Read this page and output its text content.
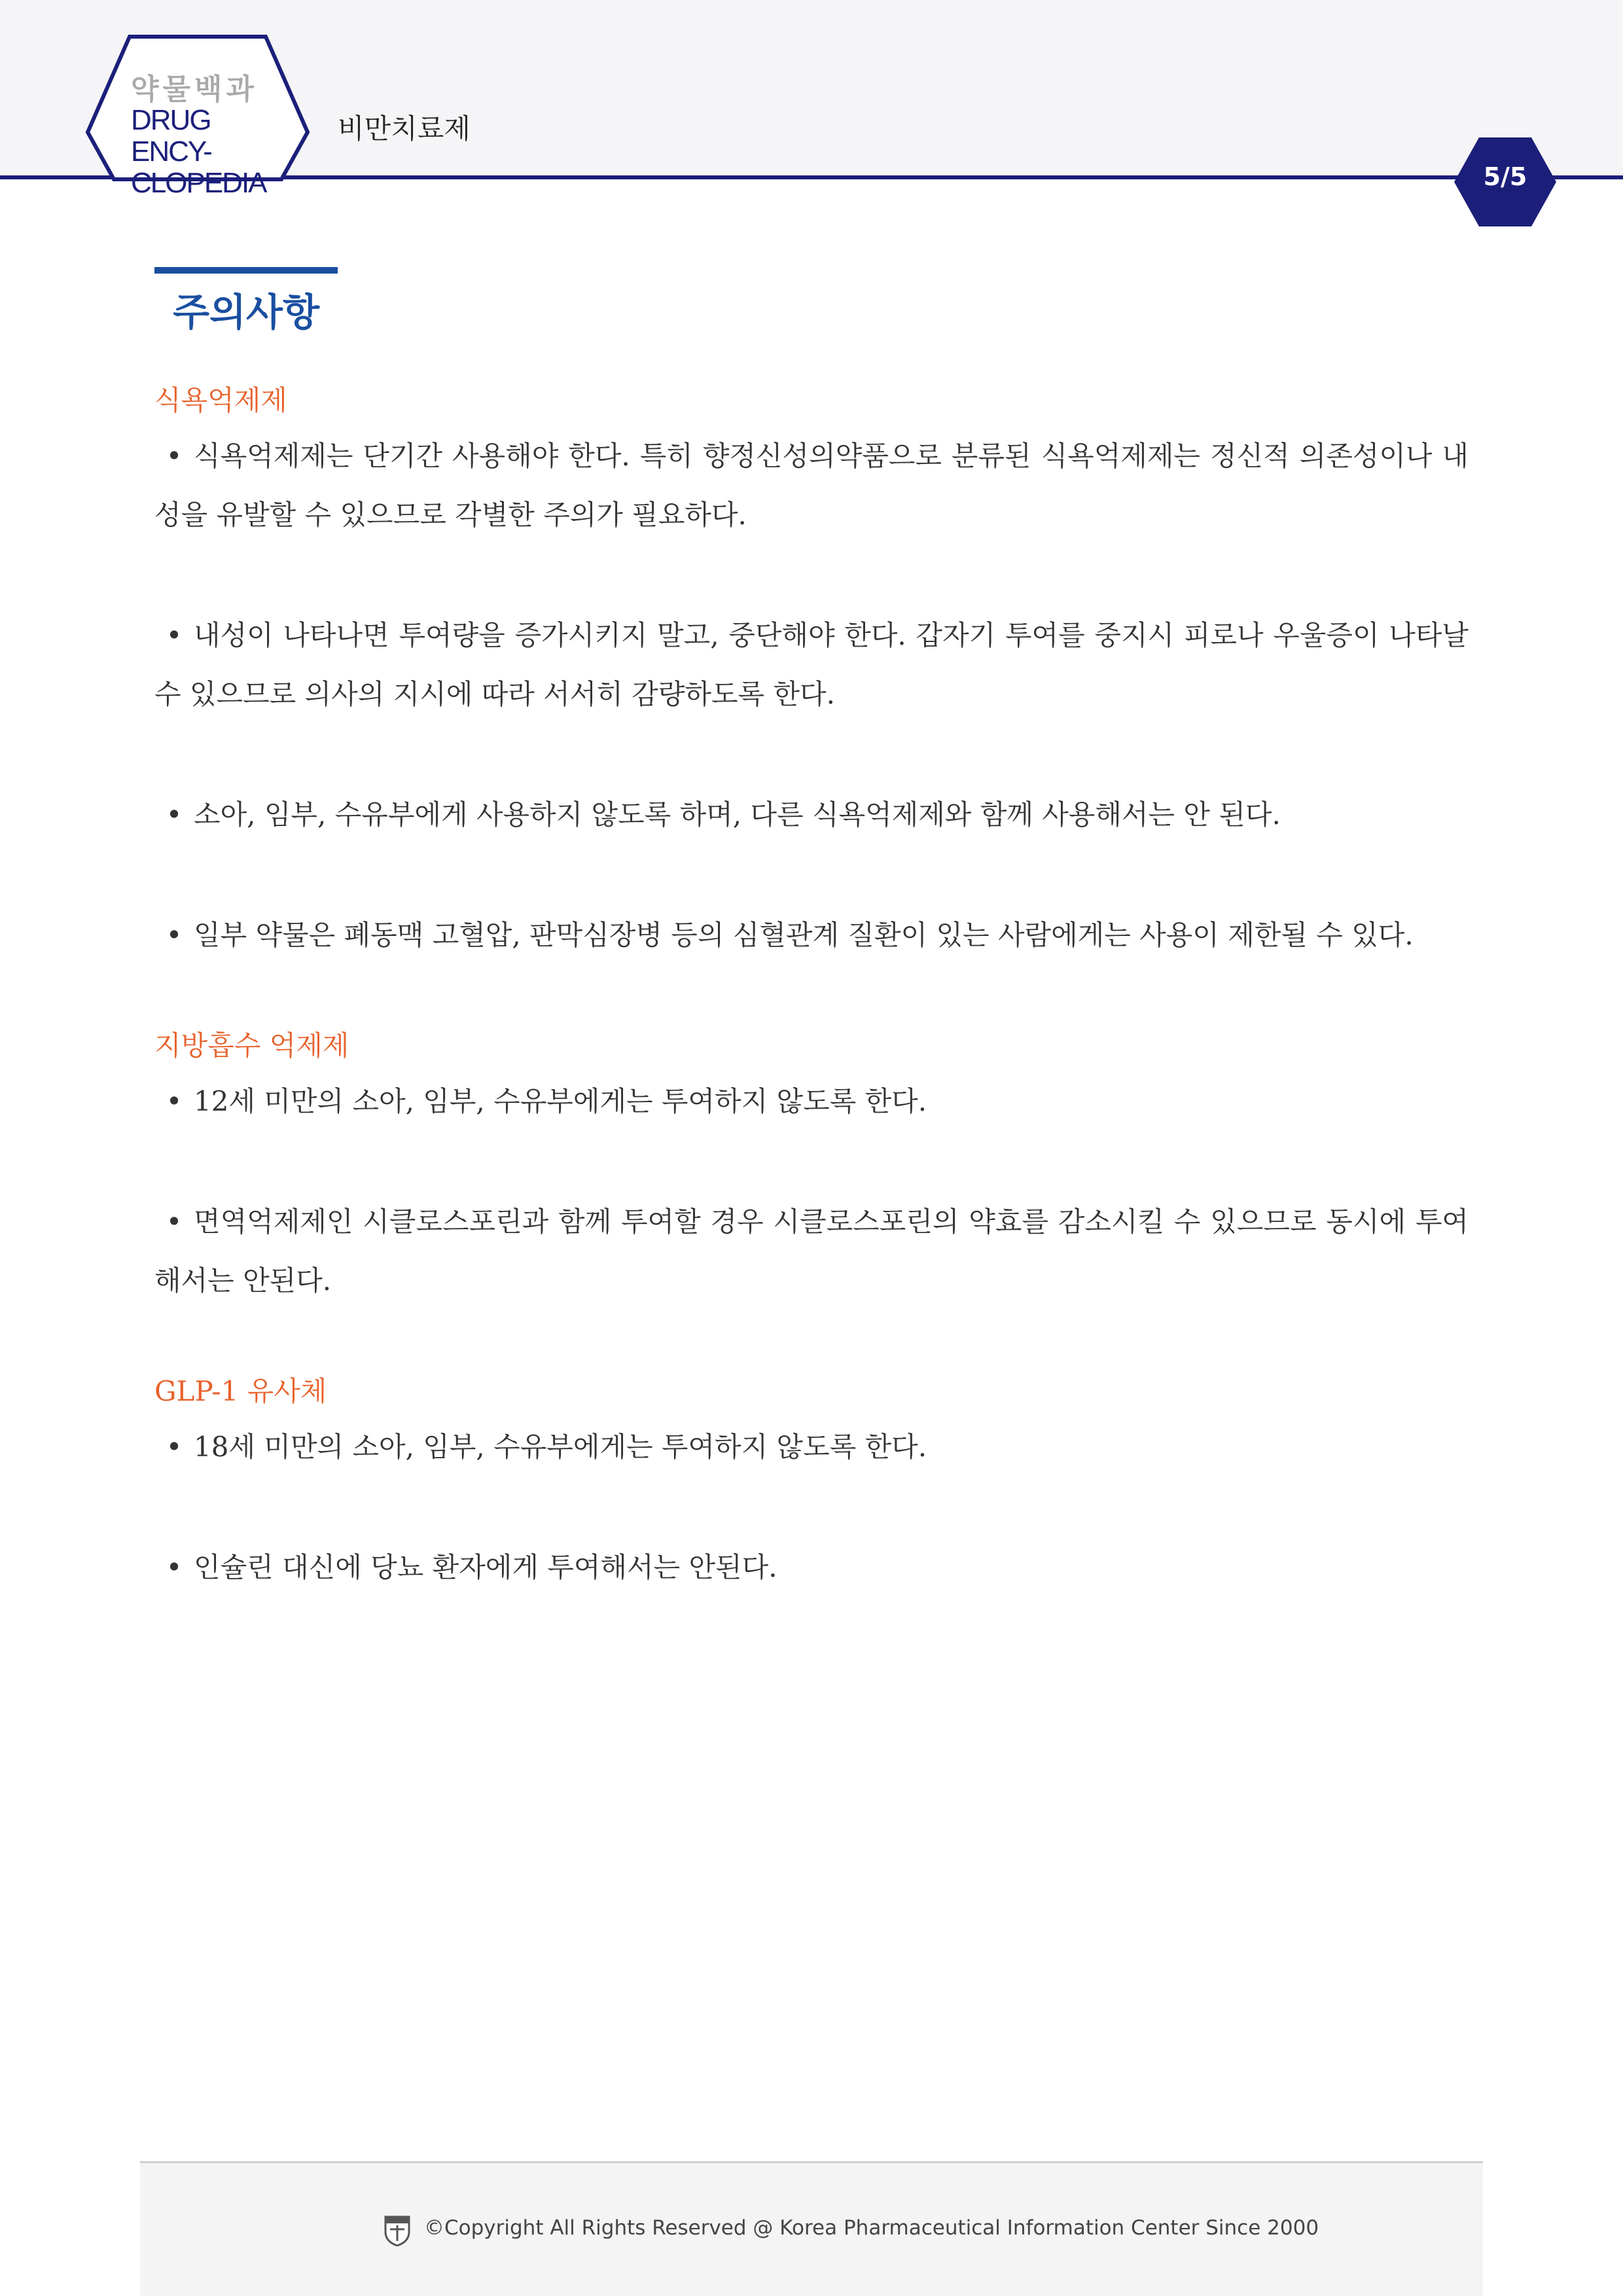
약물백과
DRUG ENCY-
CLOPEDIA
비만치료제
5/5
주의사항
식욕억제제
• 식욕억제제는 단기간 사용해야 한다. 특히 향정신성의약품으로 분류된 식욕억제제는 정신적 의존성이나 내성을 유발할 수 있으므로 각별한 주의가 필요하다.
• 내성이 나타나면 투여량을 증가시키지 말고, 중단해야 한다. 갑자기 투여를 중지시 피로나 우울증이 나타날 수 있으므로 의사의 지시에 따라 서서히 감량하도록 한다.
• 소아, 임부, 수유부에게 사용하지 않도록 하며, 다른 식욕억제제와 함께 사용해서는 안 된다.
• 일부 약물은 폐동맥 고혈압, 판막심장병 등의 심혈관계 질환이 있는 사람에게는 사용이 제한될 수 있다.
지방흡수 억제제
• 12세 미만의 소아, 임부, 수유부에게는 투여하지 않도록 한다.
• 면역억제제인 시클로스포린과 함께 투여할 경우 시클로스포린의 약효를 감소시킬 수 있으므로 동시에 투여해서는 안된다.
GLP-1 유사체
• 18세 미만의 소아, 임부, 수유부에게는 투여하지 않도록 한다.
• 인슐린 대신에 당뇨 환자에게 투여해서는 안된다.
©Copyright All Rights Reserved @ Korea Pharmaceutical Information Center Since 2000
